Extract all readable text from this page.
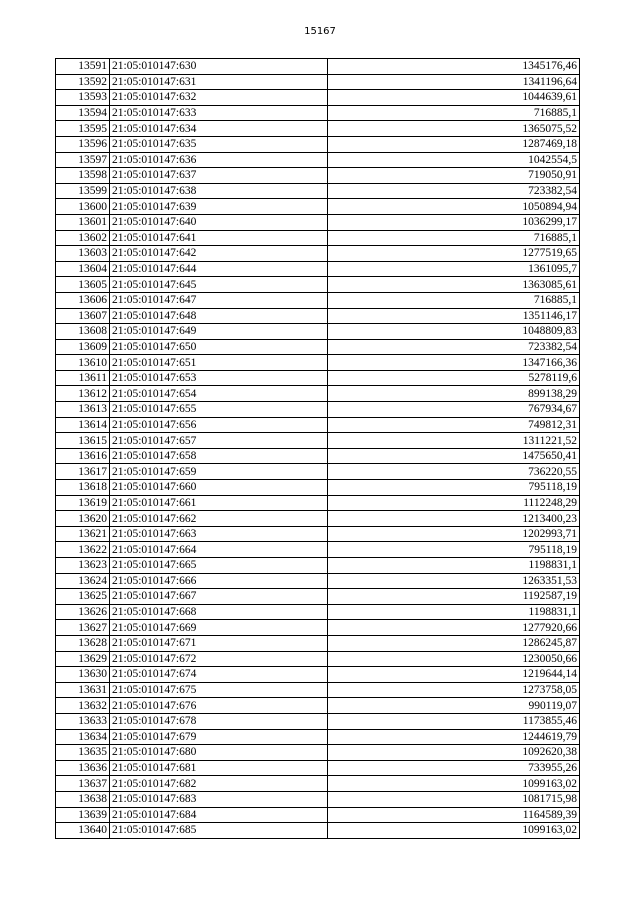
15167
13591	21:05:010147:630	1345176,46
13592	21:05:010147:631	1341196,64
13593	21:05:010147:632	1044639,61
13594	21:05:010147:633	716885,1
13595	21:05:010147:634	1365075,52
13596	21:05:010147:635	1287469,18
13597	21:05:010147:636	1042554,5
13598	21:05:010147:637	719050,91
13599	21:05:010147:638	723382,54
13600	21:05:010147:639	1050894,94
13601	21:05:010147:640	1036299,17
13602	21:05:010147:641	716885,1
13603	21:05:010147:642	1277519,65
13604	21:05:010147:644	1361095,7
13605	21:05:010147:645	1363085,61
13606	21:05:010147:647	716885,1
13607	21:05:010147:648	1351146,17
13608	21:05:010147:649	1048809,83
13609	21:05:010147:650	723382,54
13610	21:05:010147:651	1347166,36
13611	21:05:010147:653	5278119,6
13612	21:05:010147:654	899138,29
13613	21:05:010147:655	767934,67
13614	21:05:010147:656	749812,31
13615	21:05:010147:657	1311221,52
13616	21:05:010147:658	1475650,41
13617	21:05:010147:659	736220,55
13618	21:05:010147:660	795118,19
13619	21:05:010147:661	1112248,29
13620	21:05:010147:662	1213400,23
13621	21:05:010147:663	1202993,71
13622	21:05:010147:664	795118,19
13623	21:05:010147:665	1198831,1
13624	21:05:010147:666	1263351,53
13625	21:05:010147:667	1192587,19
13626	21:05:010147:668	1198831,1
13627	21:05:010147:669	1277920,66
13628	21:05:010147:671	1286245,87
13629	21:05:010147:672	1230050,66
13630	21:05:010147:674	1219644,14
13631	21:05:010147:675	1273758,05
13632	21:05:010147:676	990119,07
13633	21:05:010147:678	1173855,46
13634	21:05:010147:679	1244619,79
13635	21:05:010147:680	1092620,38
13636	21:05:010147:681	733955,26
13637	21:05:010147:682	1099163,02
13638	21:05:010147:683	1081715,98
13639	21:05:010147:684	1164589,39
13640	21:05:010147:685	1099163,02
